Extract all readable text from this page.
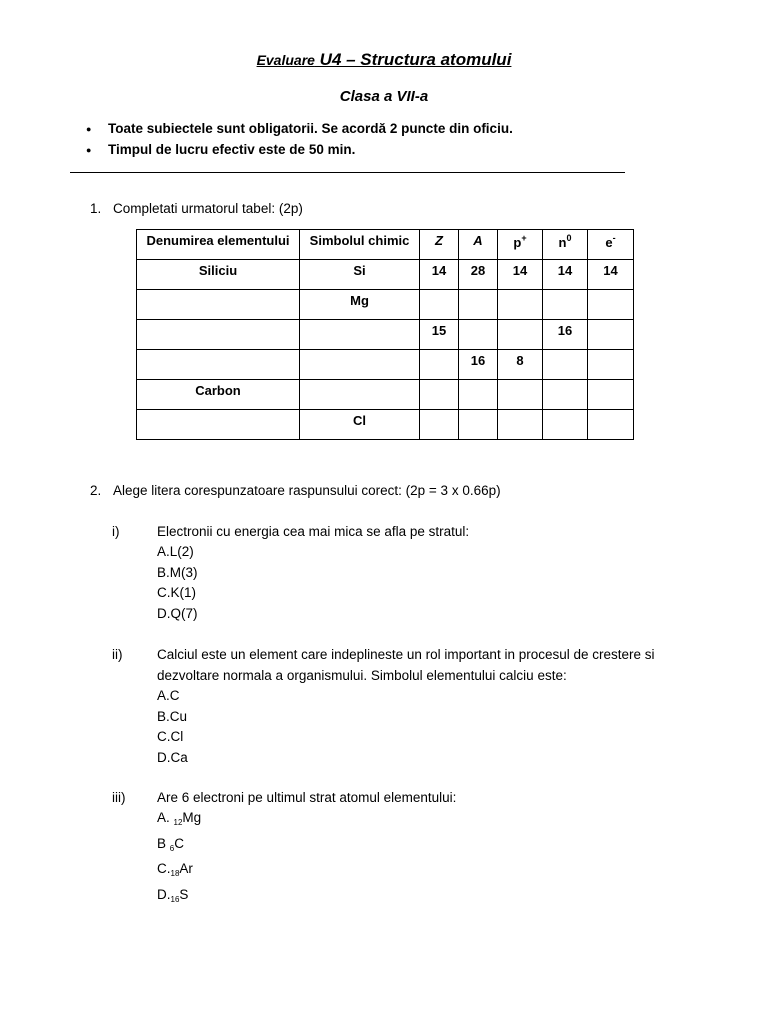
Evaluare U4 – Structura atomului
Clasa a VII-a
● Toate subiectele sunt obligatorii. Se acordă 2 puncte din oficiu.
● Timpul de lucru efectiv este de 50 min.
1. Completati urmatorul tabel: (2p)
Denumirea elementului	Simbolul chimic	Z	A	p+	$n^0$	e-
Siliciu	Si	14	28	14	14	14
	Mg					
		15			16	
			16	8		
Carbon						
	Cl					
2. Alege litera corespunzatoare raspunsului corect: (2p = 3 x 0.66p)
i)	Electronii cu energia cea mai mica se afla pe stratul:
A.L(2)
B.M(3)
C.K(1)
D.Q(7)
ii)	Calciul este un element care indeplineste un rol important in procesul de crestere si
dezvoltare normala a organismului. Simbolul elementului calciu este:
A.C
B.Cu
C.Cl
D.Ca
iii) Are 6 electroni pe ultimul strat atomul elementului:
A. $_{12}$Mg
B $_6$C
$C._{18}Ar$
$D._{16}S$
